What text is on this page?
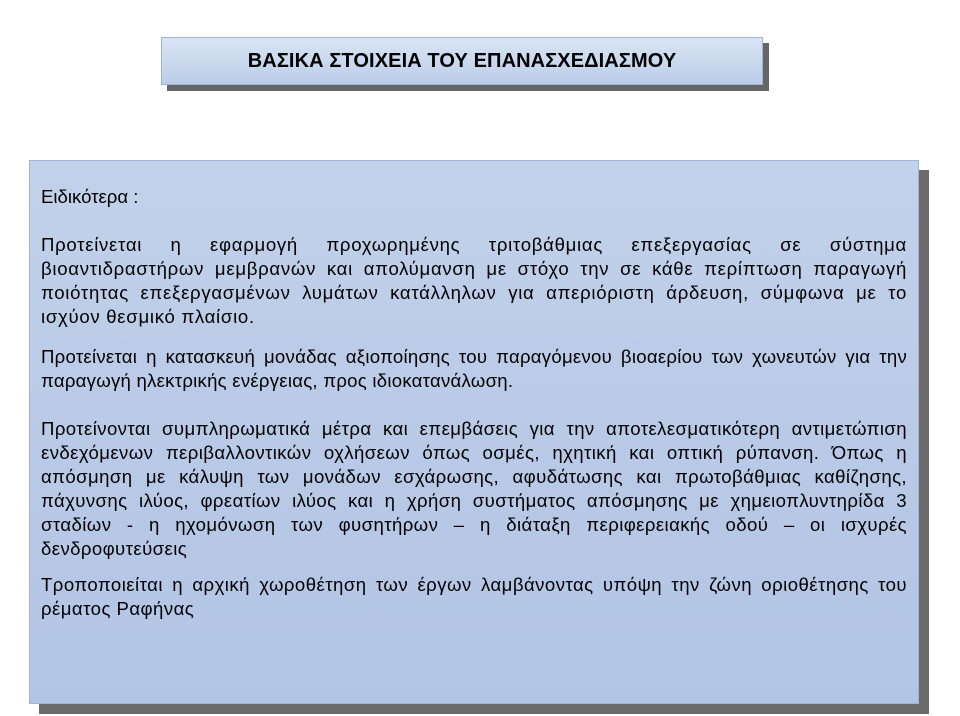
ΒΑΣΙΚΑ ΣΤΟΙΧΕΙΑ ΤΟΥ ΕΠΑΝΑΣΧΕΔΙΑΣΜΟΥ

Ειδικότερα :

Προτείνεται η εφαρμογή προχωρημένης τριτοβάθμιας επεξεργασίας σε σύστημα βιοαντιδραστήρων μεμβρανών και απολύμανση με στόχο την σε κάθε περίπτωση παραγωγή ποιότητας επεξεργασμένων λυμάτων κατάλληλων για απεριόριστη άρδευση, σύμφωνα με το ισχύον θεσμικό πλαίσιο.

Προτείνεται η κατασκευή μονάδας αξιοποίησης του παραγόμενου βιοαερίου των χωνευτών για την παραγωγή ηλεκτρικής ενέργειας, προς ιδιοκατανάλωση.

Προτείνονται συμπληρωματικά μέτρα και επεμβάσεις για την αποτελεσματικότερη αντιμετώπιση ενδεχόμενων περιβαλλοντικών οχλήσεων όπως οσμές, ηχητική και οπτική ρύπανση. Όπως η απόσμηση με κάλυψη των μονάδων εσχάρωσης, αφυδάτωσης και πρωτοβάθμιας καθίζησης, πάχυνσης ιλύος, φρεατίων ιλύος και η χρήση συστήματος απόσμησης με χημειοπλυντηρίδα 3 σταδίων - η ηχομόνωση των φυσητήρων – η διάταξη περιφερειακής οδού – οι ισχυρές δενδροφυτεύσεις

Τροποποιείται η αρχική χωροθέτηση των έργων λαμβάνοντας υπόψη την ζώνη οριοθέτησης του ρέματος Ραφήνας
